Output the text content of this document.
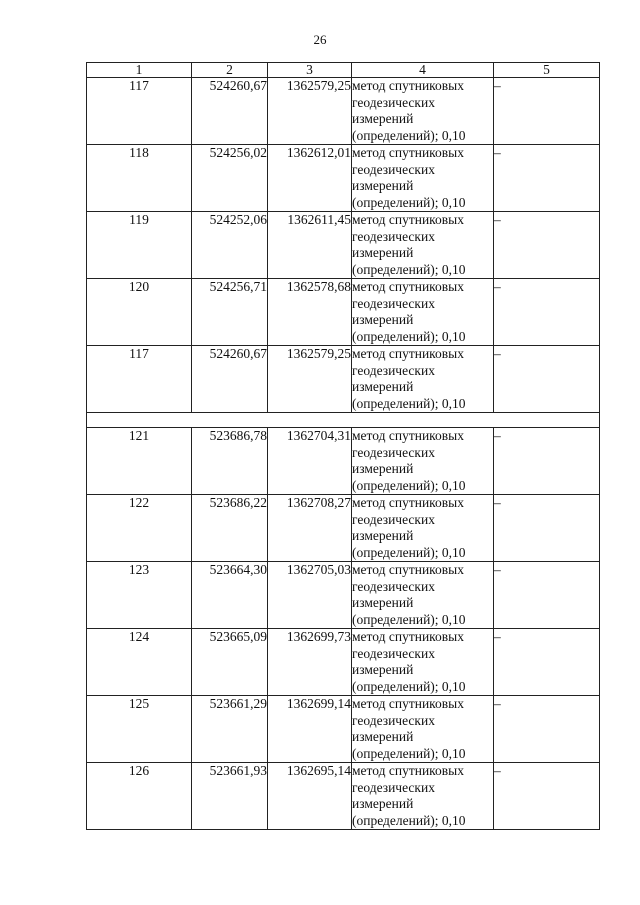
26
1	2	3	4	5
117	524260,67	1362579,25	метод спутниковых
геодезических
измерений
(определений); 0,10	–
118	524256,02	1362612,01	метод спутниковых
геодезических
измерений
(определений); 0,10	–
119	524252,06	1362611,45	метод спутниковых
геодезических
измерений
(определений); 0,10	–
120	524256,71	1362578,68	метод спутниковых
геодезических
измерений
(определений); 0,10	–
117	524260,67	1362579,25	метод спутниковых
геодезических
измерений
(определений); 0,10	–

121	523686,78	1362704,31	метод спутниковых
геодезических
измерений
(определений); 0,10	–
122	523686,22	1362708,27	метод спутниковых
геодезических
измерений
(определений); 0,10	–
123	523664,30	1362705,03	метод спутниковых
геодезических
измерений
(определений); 0,10	–
124	523665,09	1362699,73	метод спутниковых
геодезических
измерений
(определений); 0,10	–
125	523661,29	1362699,14	метод спутниковых
геодезических
измерений
(определений); 0,10	–
126	523661,93	1362695,14	метод спутниковых
геодезических
измерений
(определений); 0,10	–
